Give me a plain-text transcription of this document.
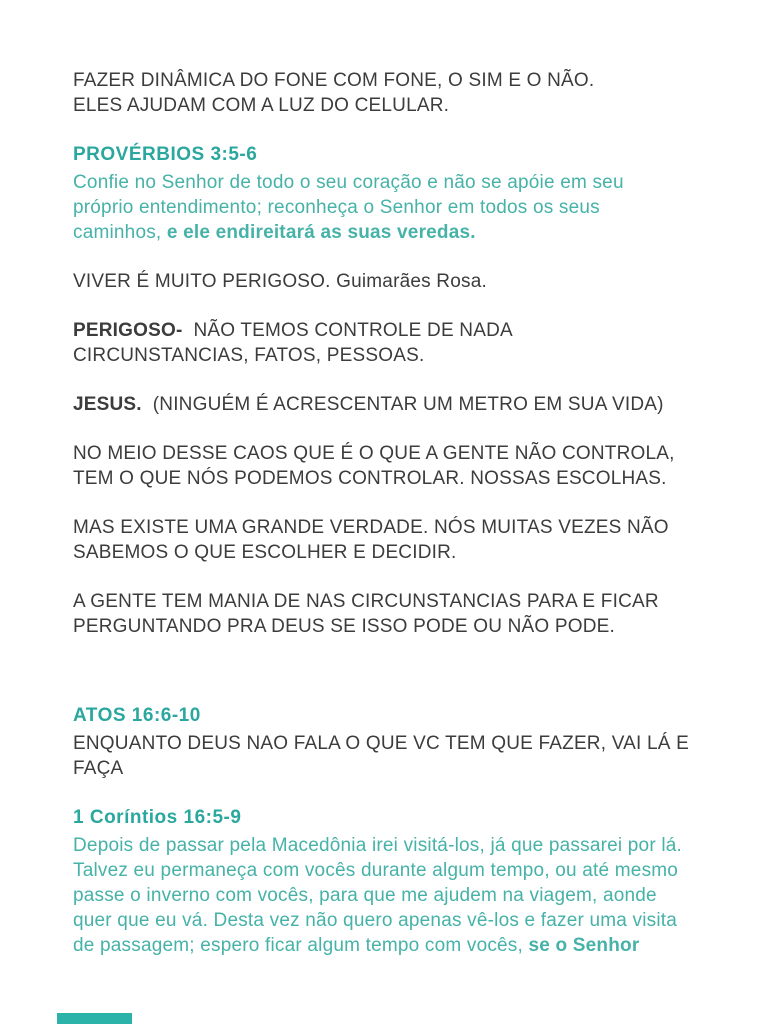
FAZER DINÂMICA DO FONE COM FONE, O SIM E O NÃO.
ELES AJUDAM COM A LUZ DO CELULAR.
PROVÉRBIOS 3:5-6
Confie no Senhor de todo o seu coração e não se apóie em seu
próprio entendimento; reconheça o Senhor em todos os seus
caminhos, e ele endireitará as suas veredas.
VIVER É MUITO PERIGOSO. Guimarães Rosa.
PERIGOSO-  NÃO TEMOS CONTROLE DE NADA
CIRCUNSTANCIAS, FATOS, PESSOAS.
JESUS.  (NINGUÉM É ACRESCENTAR UM METRO EM SUA VIDA)
NO MEIO DESSE CAOS QUE É O QUE A GENTE NÃO CONTROLA,
TEM O QUE NÓS PODEMOS CONTROLAR. NOSSAS ESCOLHAS.
MAS EXISTE UMA GRANDE VERDADE. NÓS MUITAS VEZES NÃO
SABEMOS O QUE ESCOLHER E DECIDIR.
A GENTE TEM MANIA DE NAS CIRCUNSTANCIAS PARA E FICAR
PERGUNTANDO PRA DEUS SE ISSO PODE OU NÃO PODE.
ATOS 16:6-10
ENQUANTO DEUS NAO FALA O QUE VC TEM QUE FAZER, VAI LÁ E
FAÇA
1 Coríntios 16:5-9
Depois de passar pela Macedônia irei visitá-los, já que passarei por lá.
Talvez eu permaneça com vocês durante algum tempo, ou até mesmo
passe o inverno com vocês, para que me ajudem na viagem, aonde
quer que eu vá. Desta vez não quero apenas vê-los e fazer uma visita
de passagem; espero ficar algum tempo com vocês, se o Senhor
